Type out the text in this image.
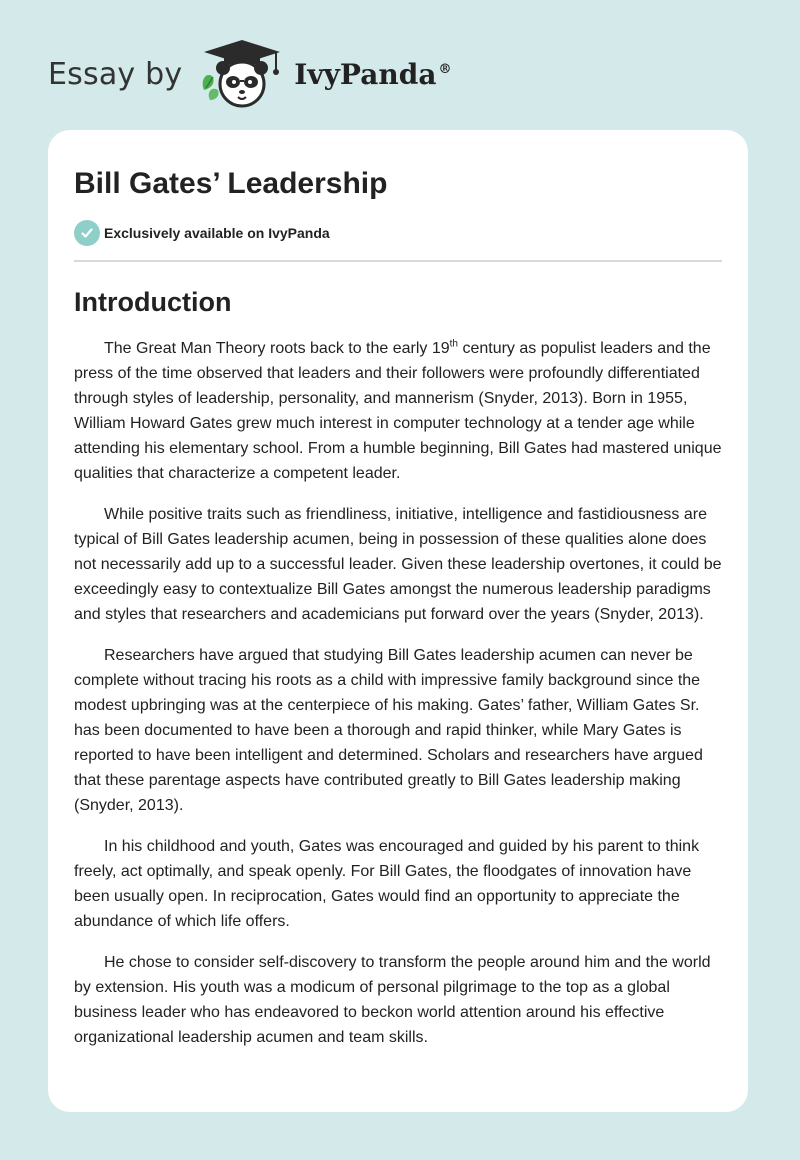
Essay by	IvyPanda ®
Bill Gates’ Leadership
Exclusively available on IvyPanda
Introduction

The Great Man Theory roots back to the early 19th century as populist leaders and the press of the time observed that leaders and their followers were profoundly differentiated through styles of leadership, personality, and mannerism (Snyder, 2013). Born in 1955, William Howard Gates grew much interest in computer technology at a tender age while attending his elementary school. From a humble beginning, Bill Gates had mastered unique qualities that characterize a competent leader.

While positive traits such as friendliness, initiative, intelligence and fastidiousness are typical of Bill Gates leadership acumen, being in possession of these qualities alone does not necessarily add up to a successful leader. Given these leadership overtones, it could be exceedingly easy to contextualize Bill Gates amongst the numerous leadership paradigms and styles that researchers and academicians put forward over the years (Snyder, 2013).

Researchers have argued that studying Bill Gates leadership acumen can never be complete without tracing his roots as a child with impressive family background since the modest upbringing was at the centerpiece of his making. Gates’ father, William Gates Sr. has been documented to have been a thorough and rapid thinker, while Mary Gates is reported to have been intelligent and determined. Scholars and researchers have argued that these parentage aspects have contributed greatly to Bill Gates leadership making (Snyder, 2013).

In his childhood and youth, Gates was encouraged and guided by his parent to think freely, act optimally, and speak openly. For Bill Gates, the floodgates of innovation have been usually open. In reciprocation, Gates would find an opportunity to appreciate the abundance of which life offers.

He chose to consider self-discovery to transform the people around him and the world by extension. His youth was a modicum of personal pilgrimage to the top as a global business leader who has endeavored to beckon world attention around his effective organizational leadership acumen and team skills.
